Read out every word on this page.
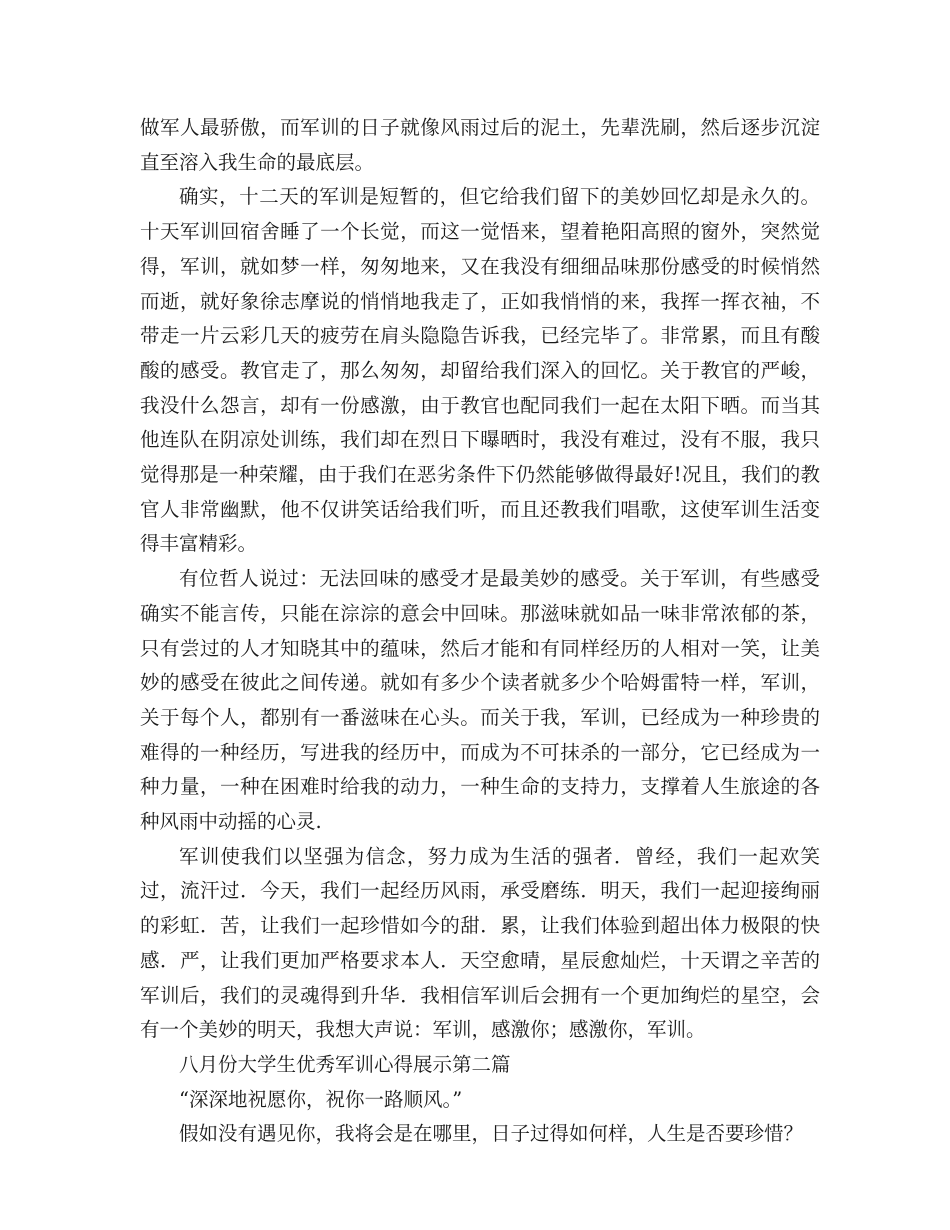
做军人最骄傲，而军训的日子就像风雨过后的泥土，先辈洗刷，然后逐步沉淀直至溶入我生命的最底层。

确实，十二天的军训是短暂的，但它给我们留下的美妙回忆却是永久的。十天军训回宿舍睡了一个长觉，而这一觉悟来，望着艳阳高照的窗外，突然觉得，军训，就如梦一样，匆匆地来，又在我没有细细品味那份感受的时候悄然而逝，就好象徐志摩说的悄悄地我走了，正如我悄悄的来，我挥一挥衣袖，不带走一片云彩几天的疲劳在肩头隐隐告诉我，已经完毕了。非常累，而且有酸酸的感受。教官走了，那么匆匆，却留给我们深入的回忆。关于教官的严峻，我没什么怨言，却有一份感激，由于教官也配同我们一起在太阳下晒。而当其他连队在阴凉处训练，我们却在烈日下曝晒时，我没有难过，没有不服，我只觉得那是一种荣耀，由于我们在恶劣条件下仍然能够做得最好!况且，我们的教官人非常幽默，他不仅讲笑话给我们听，而且还教我们唱歌，这使军训生活变得丰富精彩。

有位哲人说过：无法回味的感受才是最美妙的感受。关于军训，有些感受确实不能言传，只能在淙淙的意会中回味。那滋味就如品一味非常浓郁的茶，只有尝过的人才知晓其中的蕴味，然后才能和有同样经历的人相对一笑，让美妙的感受在彼此之间传递。就如有多少个读者就多少个哈姆雷特一样，军训，关于每个人，都别有一番滋味在心头。而关于我，军训，已经成为一种珍贵的难得的一种经历，写进我的经历中，而成为不可抹杀的一部分，它已经成为一种力量，一种在困难时给我的动力，一种生命的支持力，支撑着人生旅途的各种风雨中动摇的心灵.

军训使我们以坚强为信念，努力成为生活的强者．曾经，我们一起欢笑过，流汗过．今天，我们一起经历风雨，承受磨练．明天，我们一起迎接绚丽的彩虹．苦，让我们一起珍惜如今的甜．累，让我们体验到超出体力极限的快感．严，让我们更加严格要求本人．天空愈晴，星辰愈灿烂，十天谓之辛苦的军训后，我们的灵魂得到升华．我相信军训后会拥有一个更加绚烂的星空，会有一个美妙的明天，我想大声说：军训，感激你；感激你，军训。

八月份大学生优秀军训心得展示第二篇

“深深地祝愿你，祝你一路顺风。”

假如没有遇见你，我将会是在哪里，日子过得如何样，人生是否要珍惜？
